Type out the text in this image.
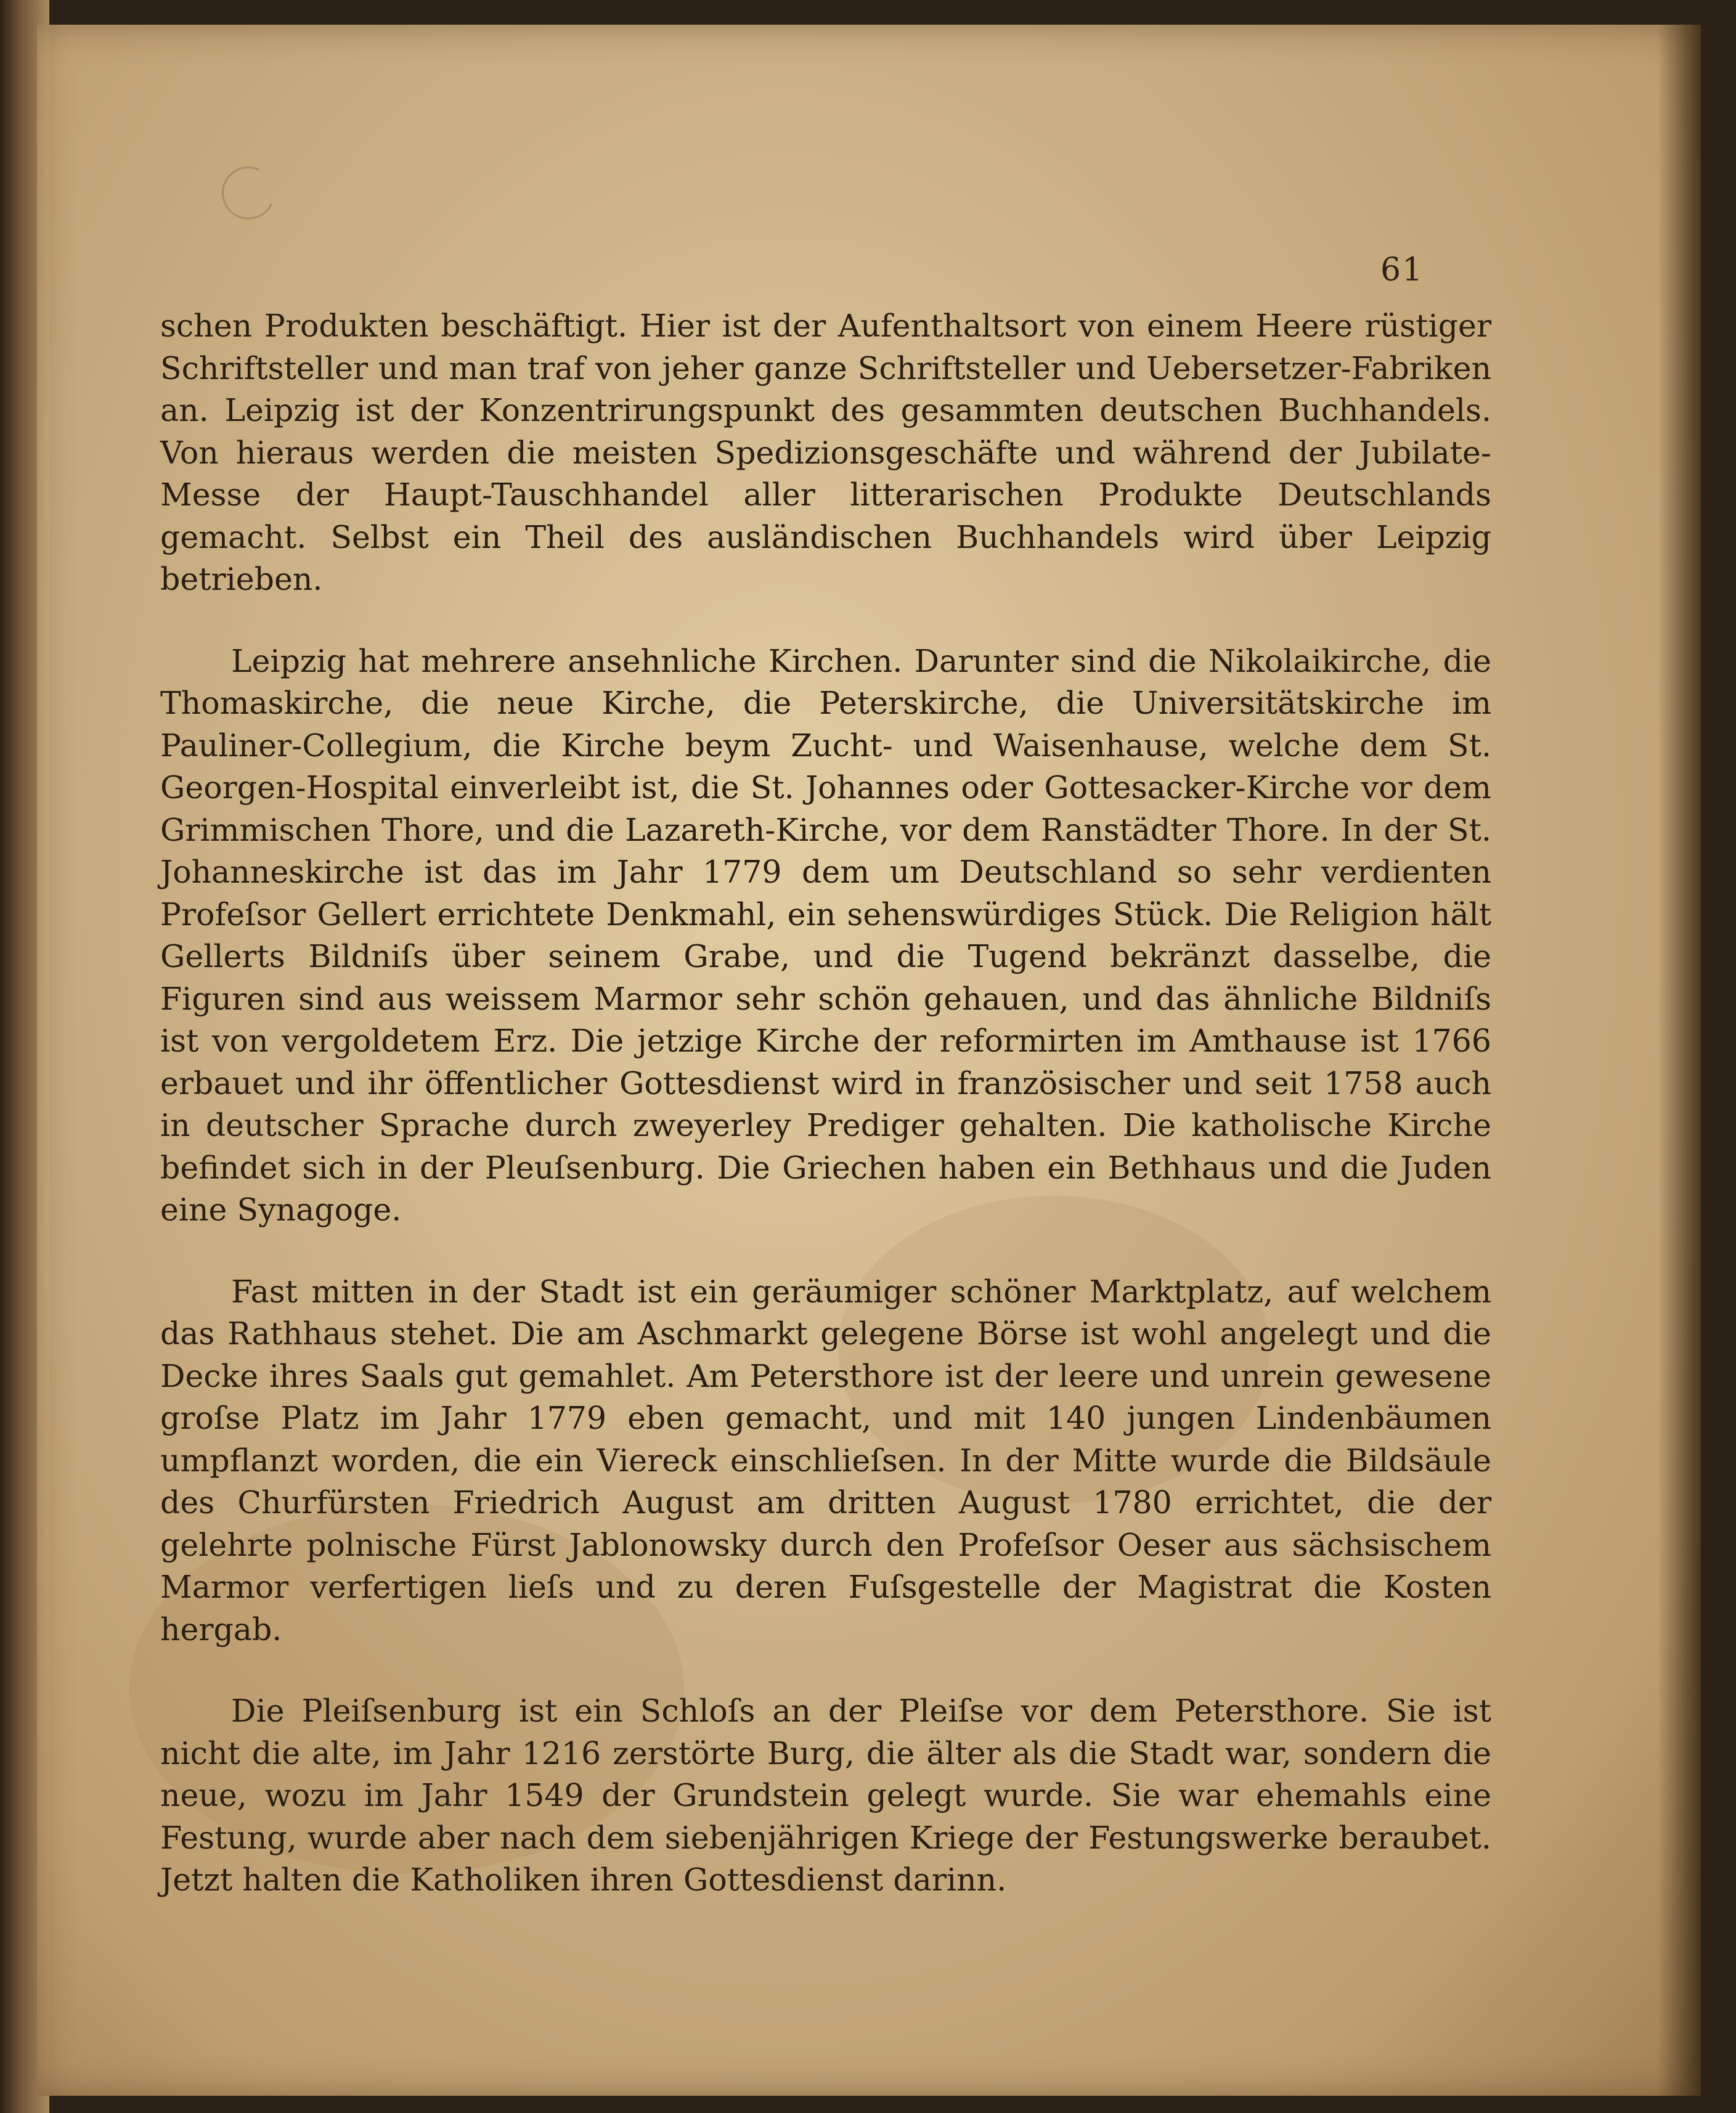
61

schen Produkten beschäftigt. Hier ist der Aufenthaltsort von einem Heere rüstiger Schriftsteller und man traf von jeher ganze Schriftsteller und Uebersetzer-Fabriken an. Leipzig ist der Konzentrirungspunkt des gesammten deutschen Buchhandels. Von hieraus werden die meisten Spedizionsgeschäfte und während der Jubilate-Messe der Haupt-Tauschhandel aller litterarischen Produkte Deutschlands gemacht. Selbst ein Theil des ausländischen Buchhandels wird über Leipzig betrieben.

Leipzig hat mehrere ansehnliche Kirchen. Darunter sind die Nikolaikirche, die Thomaskirche, die neue Kirche, die Peterskirche, die Universitätskirche im Pauliner-Collegium, die Kirche beym Zucht- und Waisenhause, welche dem St. Georgen-Hospital einverleibt ist, die St. Johannes oder Gottesacker-Kirche vor dem Grimmischen Thore, und die Lazareth-Kirche, vor dem Ranstädter Thore. In der St. Johanneskirche ist das im Jahr 1779 dem um Deutschland so sehr verdienten Profeſsor Gellert errichtete Denkmahl, ein sehenswürdiges Stück. Die Religion hält Gellerts Bildniſs über seinem Grabe, und die Tugend bekränzt dasselbe, die Figuren sind aus weissem Marmor sehr schön gehauen, und das ähnliche Bildniſs ist von vergoldetem Erz. Die jetzige Kirche der reformirten im Amthause ist 1766 erbauet und ihr öffentlicher Gottesdienst wird in französischer und seit 1758 auch in deutscher Sprache durch zweyerley Prediger gehalten. Die katholische Kirche befindet sich in der Pleuſsenburg. Die Griechen haben ein Bethhaus und die Juden eine Synagoge.

Fast mitten in der Stadt ist ein geräumiger schöner Marktplatz, auf welchem das Rathhaus stehet. Die am Aschmarkt gelegene Börse ist wohl angelegt und die Decke ihres Saals gut gemahlet. Am Petersthore ist der leere und unrein gewesene groſse Platz im Jahr 1779 eben gemacht, und mit 140 jungen Lindenbäumen umpflanzt worden, die ein Viereck einschlieſsen. In der Mitte wurde die Bildsäule des Churfürsten Friedrich August am dritten August 1780 errichtet, die der gelehrte polnische Fürst Jablonowsky durch den Profeſsor Oeser aus sächsischem Marmor verfertigen lieſs und zu deren Fuſsgestelle der Magistrat die Kosten hergab.

Die Pleiſsenburg ist ein Schloſs an der Pleiſse vor dem Petersthore. Sie ist nicht die alte, im Jahr 1216 zerstörte Burg, die älter als die Stadt war, sondern die neue, wozu im Jahr 1549 der Grundstein gelegt wurde. Sie war ehemahls eine Festung, wurde aber nach dem siebenjährigen Kriege der Festungswerke beraubet. Jetzt halten die Katholiken ihren Gottesdienst darinn.
